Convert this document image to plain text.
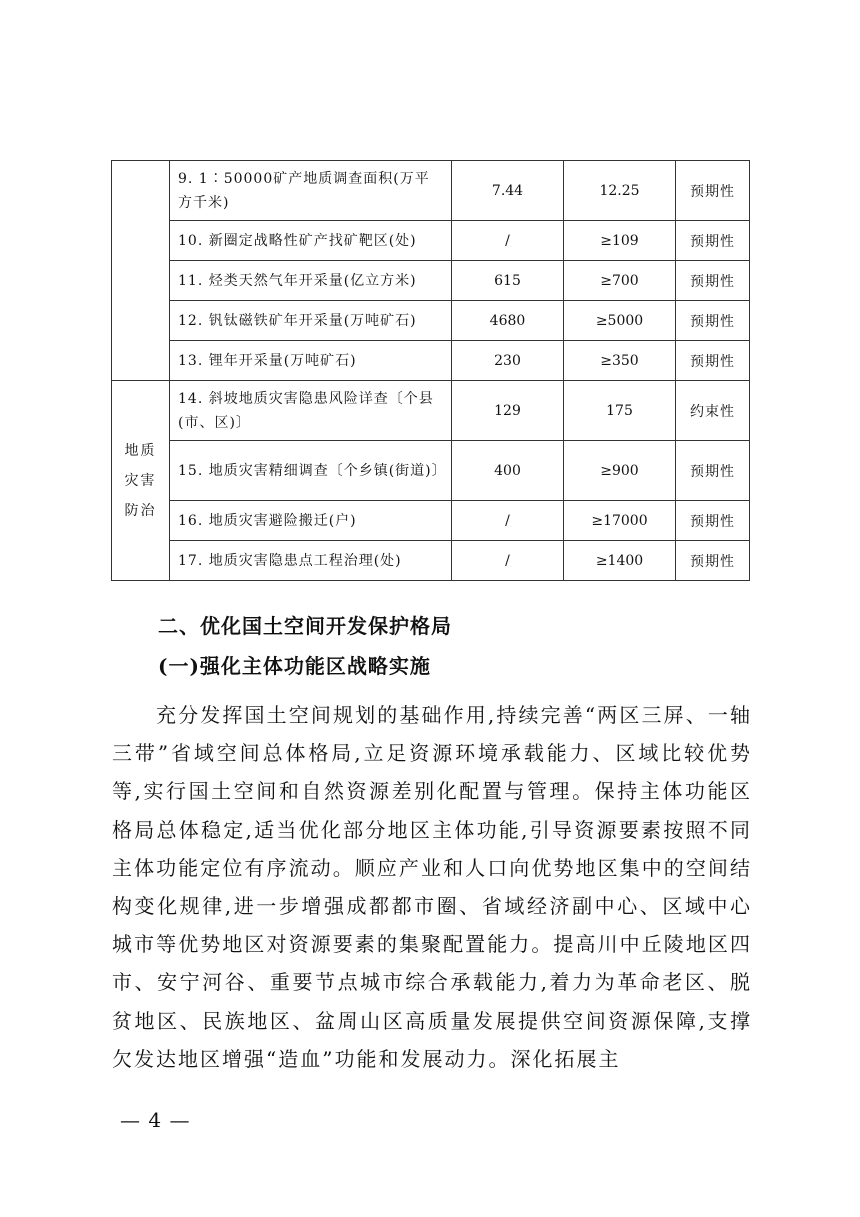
	9. 1∶50000矿产地质调查面积(万平方千米)	7.44	12.25	预期性
	10. 新圈定战略性矿产找矿靶区(处)	/	≥109	预期性
	11. 烃类天然气年开采量(亿立方米)	615	≥700	预期性
	12. 钒钛磁铁矿年开采量(万吨矿石)	4680	≥5000	预期性
	13. 锂年开采量(万吨矿石)	230	≥350	预期性

地质灾害防治	14. 斜坡地质灾害隐患风险详查〔个县(市、区)〕	129	175	约束性
	15. 地质灾害精细调查〔个乡镇(街道)〕	400	≥900	预期性
	16. 地质灾害避险搬迁(户)	/	≥17000	预期性
	17. 地质灾害隐患点工程治理(处)	/	≥1400	预期性
二、优化国土空间开发保护格局
(一)强化主体功能区战略实施

充分发挥国土空间规划的基础作用,持续完善“两区三屏、一轴三带”省域空间总体格局,立足资源环境承载能力、区域比较优势等,实行国土空间和自然资源差别化配置与管理。保持主体功能区格局总体稳定,适当优化部分地区主体功能,引导资源要素按照不同主体功能定位有序流动。顺应产业和人口向优势地区集中的空间结构变化规律,进一步增强成都都市圈、省域经济副中心、区域中心城市等优势地区对资源要素的集聚配置能力。提高川中丘陵地区四市、安宁河谷、重要节点城市综合承载能力,着力为革命老区、脱贫地区、民族地区、盆周山区高质量发展提供空间资源保障,支撑欠发达地区增强“造血”功能和发展动力。深化拓展主

— 4 —
